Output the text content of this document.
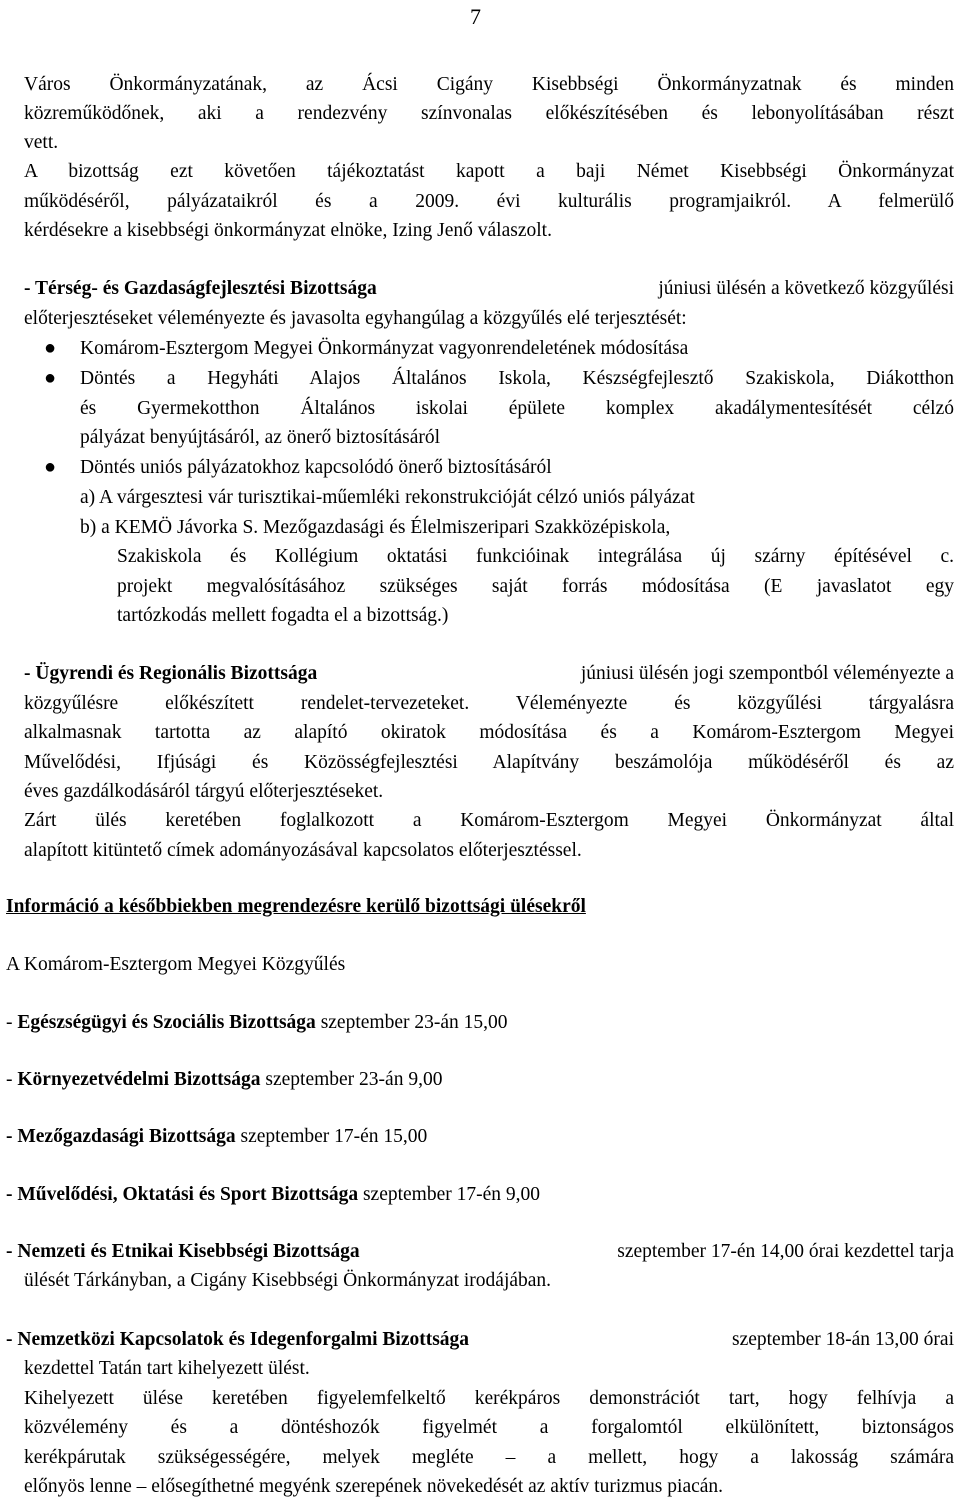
7
Város Önkormányzatának, az Ácsi Cigány Kisebbségi Önkormányzatnak és minden
közreműködőnek, aki a rendezvény színvonalas előkészítésében és lebonyolításában részt
vett.
A bizottság ezt követően tájékoztatást kapott a baji Német Kisebbségi Önkormányzat
működéséről, pályázataikról és a 2009. évi kulturális programjaikról. A felmerülő
kérdésekre a kisebbségi önkormányzat elnöke, Izing Jenő válaszolt.
- Térség- és Gazdaságfejlesztési Bizottsága	júniusi ülésén a következő közgyűlési
előterjesztéseket véleményezte és javasolta egyhangúlag a közgyűlés elé terjesztését:
● Komárom-Esztergom Megyei Önkormányzat vagyonrendeletének módosítása
● Döntés a Hegyháti Alajos Általános Iskola, Készségfejlesztő Szakiskola, Diákotthon
és Gyermekotthon Általános iskolai épülete komplex akadálymentesítését célzó
pályázat benyújtásáról, az önerő biztosításáról
● Döntés uniós pályázatokhoz kapcsolódó önerő biztosításáról
a) A várgesztesi vár turisztikai-műemléki rekonstrukcióját célzó uniós pályázat
b) a KEMÖ Jávorka S. Mezőgazdasági és Élelmiszeripari Szakközépiskola,
Szakiskola és Kollégium oktatási funkcióinak integrálása új szárny építésével c.
projekt megvalósításához szükséges saját forrás módosítása (E javaslatot egy
tartózkodás mellett fogadta el a bizottság.)
- Ügyrendi és Regionális Bizottsága	júniusi ülésén jogi szempontból véleményezte a
közgyűlésre előkészített rendelet-tervezeteket. Véleményezte és közgyűlési tárgyalásra
alkalmasnak tartotta az alapító okiratok módosítása és a Komárom-Esztergom Megyei
Művelődési, Ifjúsági és Közösségfejlesztési Alapítvány beszámolója működéséről és az
éves gazdálkodásáról tárgyú előterjesztéseket.
Zárt ülés keretében foglalkozott a Komárom-Esztergom Megyei Önkormányzat által
alapított kitüntető címek adományozásával kapcsolatos előterjesztéssel.
Információ a későbbiekben megrendezésre kerülő bizottsági ülésekről
A Komárom-Esztergom Megyei Közgyűlés
- Egészségügyi és Szociális Bizottsága szeptember 23-án 15,00
- Környezetvédelmi Bizottsága szeptember 23-án 9,00
- Mezőgazdasági Bizottsága szeptember 17-én 15,00
- Művelődési, Oktatási és Sport Bizottsága szeptember 17-én 9,00
- Nemzeti és Etnikai Kisebbségi Bizottsága	szeptember 17-én 14,00 órai kezdettel tarja
ülését Tárkányban, a Cigány Kisebbségi Önkormányzat irodájában.
- Nemzetközi Kapcsolatok és Idegenforgalmi Bizottsága	szeptember 18-án 13,00 órai
kezdettel Tatán tart kihelyezett ülést.
Kihelyezett ülése keretében figyelemfelkeltő kerékpáros demonstrációt tart, hogy felhívja a
közvélemény és a döntéshozók figyelmét a forgalomtól elkülönített, biztonságos
kerékpárutak szükségességére, melyek megléte – a mellett, hogy a lakosság számára
előnyös lenne – elősegíthetné megyénk szerepének növekedését az aktív turizmus piacán.
